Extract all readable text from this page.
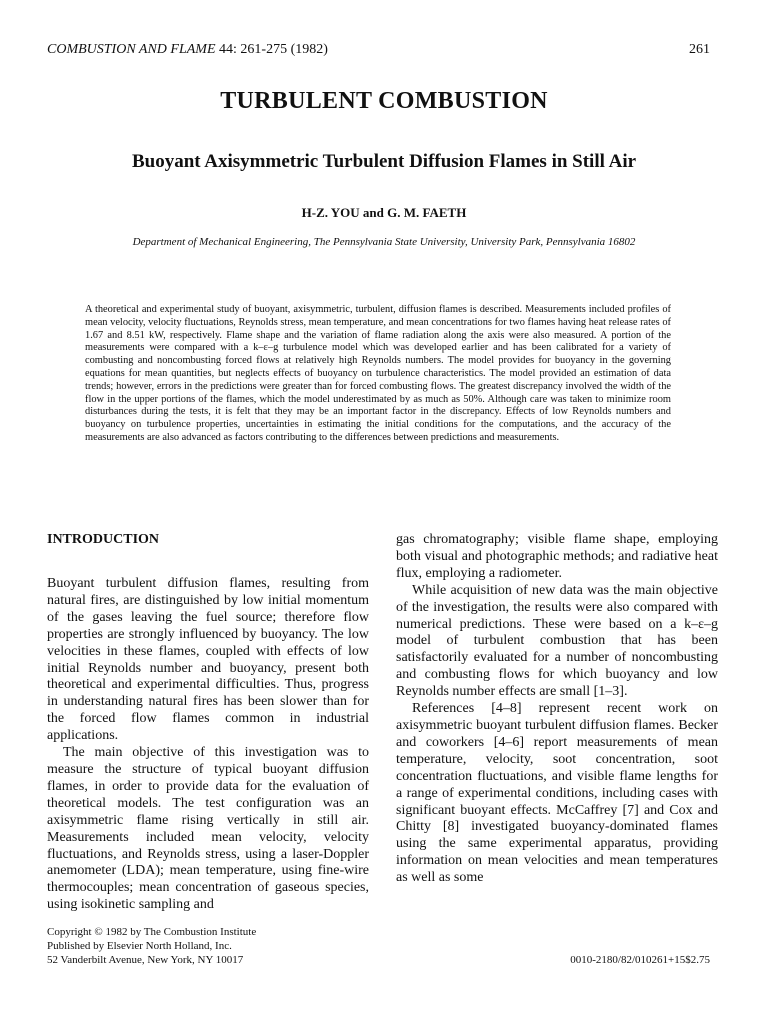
COMBUSTION AND FLAME 44: 261-275 (1982)	261
TURBULENT COMBUSTION
Buoyant Axisymmetric Turbulent Diffusion Flames in Still Air
H-Z. YOU and G. M. FAETH
Department of Mechanical Engineering, The Pennsylvania State University, University Park, Pennsylvania 16802

A theoretical and experimental study of buoyant, axisymmetric, turbulent, diffusion flames is described. Measurements included profiles of mean velocity, velocity fluctuations, Reynolds stress, mean temperature, and mean concentrations for two flames having heat release rates of 1.67 and 8.51 kW, respectively. Flame shape and the variation of flame radiation along the axis were also measured. A portion of the measurements were compared with a k–ε–g turbulence model which was developed earlier and has been calibrated for a variety of combusting and noncombusting forced flows at relatively high Reynolds numbers. The model provides for buoyancy in the governing equations for mean quantities, but neglects effects of buoyancy on turbulence characteristics. The model provided an estimation of data trends; however, errors in the predictions were greater than for forced combusting flows. The greatest discrepancy involved the width of the flow in the upper portions of the flames, which the model underestimated by as much as 50%. Although care was taken to minimize room disturbances during the tests, it is felt that they may be an important factor in the discrepancy. Effects of low Reynolds numbers and buoyancy on turbulence properties, uncertainties in estimating the initial conditions for the computations, and the accuracy of the measurements are also advanced as factors contributing to the differences between predictions and measurements.

INTRODUCTION

Buoyant turbulent diffusion flames, resulting from natural fires, are distinguished by low initial momentum of the gases leaving the fuel source; therefore flow properties are strongly influenced by buoyancy. The low velocities in these flames, coupled with effects of low initial Reynolds number and buoyancy, present both theoretical and experimental difficulties. Thus, progress in understanding natural fires has been slower than for the forced flow flames common in industrial applications.

The main objective of this investigation was to measure the structure of typical buoyant diffusion flames, in order to provide data for the evaluation of theoretical models. The test configuration was an axisymmetric flame rising vertically in still air. Measurements included mean velocity, velocity fluctuations, and Reynolds stress, using a laser-Doppler anemometer (LDA); mean temperature, using fine-wire thermocouples; mean concentration of gaseous species, using isokinetic sampling and

gas chromatography; visible flame shape, employing both visual and photographic methods; and radiative heat flux, employing a radiometer.

While acquisition of new data was the main objective of the investigation, the results were also compared with numerical predictions. These were based on a k–ε–g model of turbulent combustion that has been satisfactorily evaluated for a number of noncombusting and combusting flows for which buoyancy and low Reynolds number effects are small [1–3].

References [4–8] represent recent work on axisymmetric buoyant turbulent diffusion flames. Becker and coworkers [4–6] report measurements of mean temperature, velocity, soot concentration, soot concentration fluctuations, and visible flame lengths for a range of experimental conditions, including cases with significant buoyant effects. McCaffrey [7] and Cox and Chitty [8] investigated buoyancy-dominated flames using the same experimental apparatus, providing information on mean velocities and mean temperatures as well as some

Copyright © 1982 by The Combustion Institute
Published by Elsevier North Holland, Inc.
52 Vanderbilt Avenue, New York, NY 10017	0010-2180/82/010261+15$2.75
